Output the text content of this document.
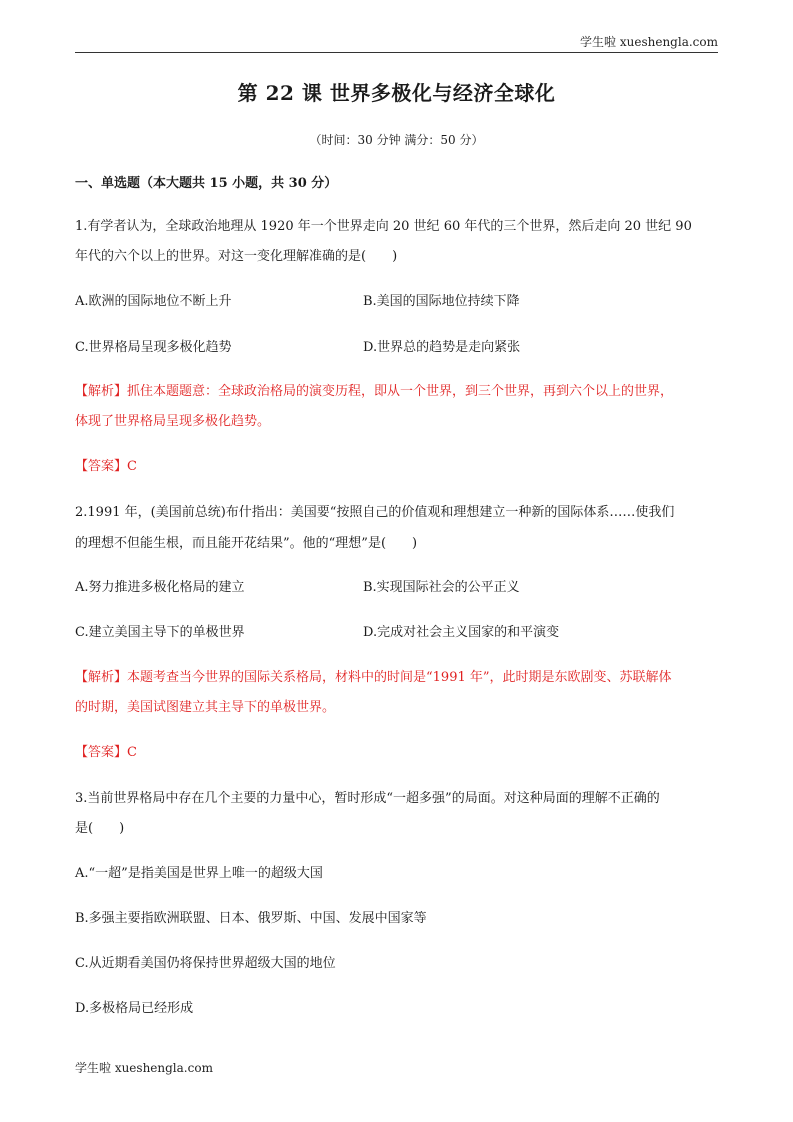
学生啦 xueshengla.com
第 22 课 世界多极化与经济全球化
（时间：30 分钟 满分：50 分）
一、单选题（本大题共 15 小题，共 30 分）
1.有学者认为，全球政治地理从 1920 年一个世界走向 20 世纪 60 年代的三个世界，然后走向 20 世纪 90
年代的六个以上的世界。对这一变化理解准确的是(　　)
A.欧洲的国际地位不断上升	B.美国的国际地位持续下降
C.世界格局呈现多极化趋势	D.世界总的趋势是走向紧张
【解析】抓住本题题意：全球政治格局的演变历程，即从一个世界，到三个世界，再到六个以上的世界，
体现了世界格局呈现多极化趋势。
【答案】C
2.1991 年，(美国前总统)布什指出：美国要“按照自己的价值观和理想建立一种新的国际体系……使我们
的理想不但能生根，而且能开花结果”。他的“理想”是(　　)
A.努力推进多极化格局的建立	B.实现国际社会的公平正义
C.建立美国主导下的单极世界	D.完成对社会主义国家的和平演变
【解析】本题考查当今世界的国际关系格局，材料中的时间是“1991 年”，此时期是东欧剧变、苏联解体
的时期，美国试图建立其主导下的单极世界。
【答案】C
3.当前世界格局中存在几个主要的力量中心，暂时形成“一超多强”的局面。对这种局面的理解不正确的
是(　　)
A.“一超”是指美国是世界上唯一的超级大国
B.多强主要指欧洲联盟、日本、俄罗斯、中国、发展中国家等
C.从近期看美国仍将保持世界超级大国的地位
D.多极格局已经形成
学生啦 xueshengla.com
